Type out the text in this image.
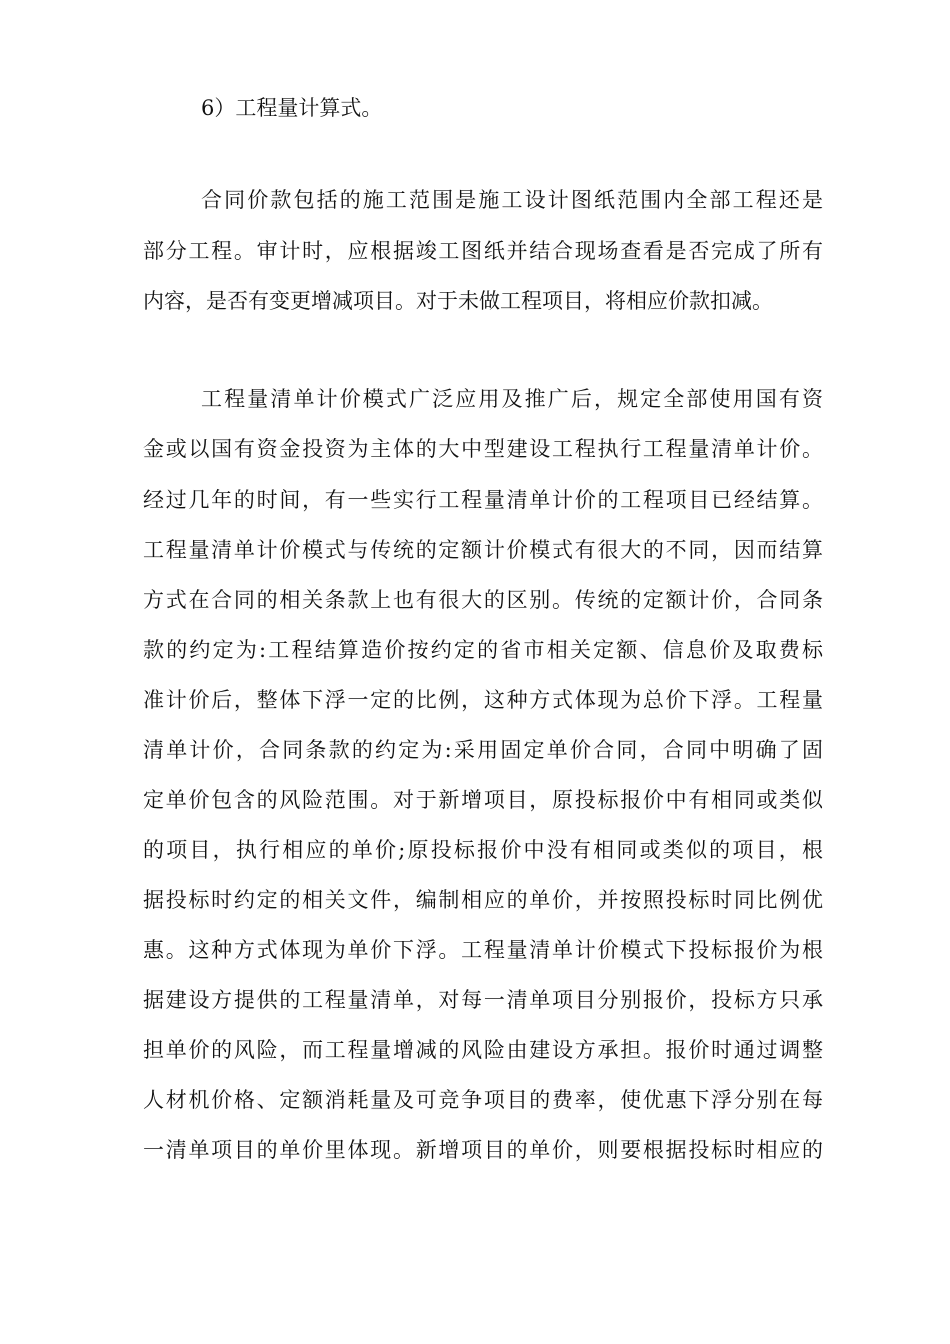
6）工程量计算式。
合同价款包括的施工范围是施工设计图纸范围内全部工程还是
部分工程。审计时，应根据竣工图纸并结合现场查看是否完成了所有
内容，是否有变更增减项目。对于未做工程项目，将相应价款扣减。
工程量清单计价模式广泛应用及推广后，规定全部使用国有资
金或以国有资金投资为主体的大中型建设工程执行工程量清单计价。
经过几年的时间，有一些实行工程量清单计价的工程项目已经结算。
工程量清单计价模式与传统的定额计价模式有很大的不同，因而结算
方式在合同的相关条款上也有很大的区别。传统的定额计价，合同条
款的约定为:工程结算造价按约定的省市相关定额、信息价及取费标
准计价后，整体下浮一定的比例，这种方式体现为总价下浮。工程量
清单计价，合同条款的约定为:采用固定单价合同，合同中明确了固
定单价包含的风险范围。对于新增项目，原投标报价中有相同或类似
的项目，执行相应的单价;原投标报价中没有相同或类似的项目，根
据投标时约定的相关文件，编制相应的单价，并按照投标时同比例优
惠。这种方式体现为单价下浮。工程量清单计价模式下投标报价为根
据建设方提供的工程量清单，对每一清单项目分别报价，投标方只承
担单价的风险，而工程量增减的风险由建设方承担。报价时通过调整
人材机价格、定额消耗量及可竞争项目的费率，使优惠下浮分别在每
一清单项目的单价里体现。新增项目的单价，则要根据投标时相应的
